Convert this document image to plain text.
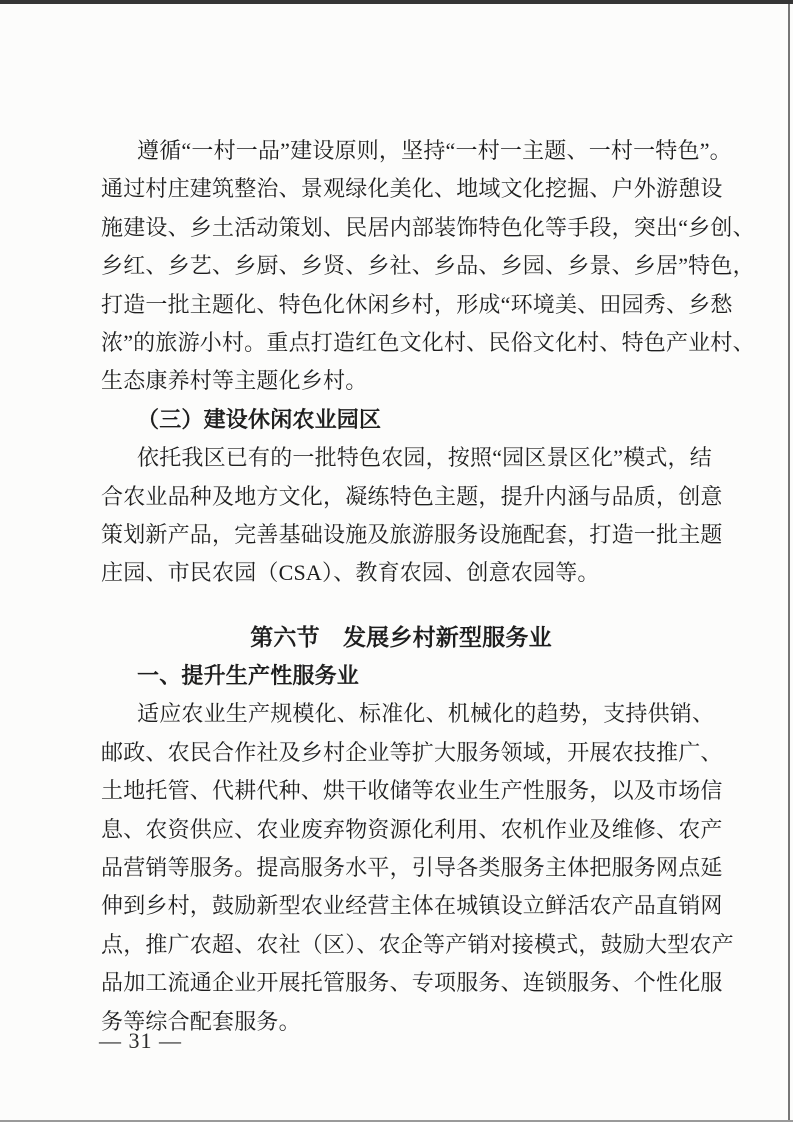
遵循“一村一品”建设原则，坚持“一村一主题、一村一特色”。
通过村庄建筑整治、景观绿化美化、地域文化挖掘、户外游憩设
施建设、乡土活动策划、民居内部装饰特色化等手段，突出“乡创、
乡红、乡艺、乡厨、乡贤、乡社、乡品、乡园、乡景、乡居”特色，
打造一批主题化、特色化休闲乡村，形成“环境美、田园秀、乡愁
浓”的旅游小村。重点打造红色文化村、民俗文化村、特色产业村、
生态康养村等主题化乡村。
（三）建设休闲农业园区
依托我区已有的一批特色农园，按照“园区景区化”模式，结
合农业品种及地方文化，凝练特色主题，提升内涵与品质，创意
策划新产品，完善基础设施及旅游服务设施配套，打造一批主题
庄园、市民农园（CSA）、教育农园、创意农园等。
第六节　发展乡村新型服务业
一、提升生产性服务业
适应农业生产规模化、标准化、机械化的趋势，支持供销、
邮政、农民合作社及乡村企业等扩大服务领域，开展农技推广、
土地托管、代耕代种、烘干收储等农业生产性服务，以及市场信
息、农资供应、农业废弃物资源化利用、农机作业及维修、农产
品营销等服务。提高服务水平，引导各类服务主体把服务网点延
伸到乡村，鼓励新型农业经营主体在城镇设立鲜活农产品直销网
点，推广农超、农社（区）、农企等产销对接模式，鼓励大型农产
品加工流通企业开展托管服务、专项服务、连锁服务、个性化服
务等综合配套服务。
— 31 —
